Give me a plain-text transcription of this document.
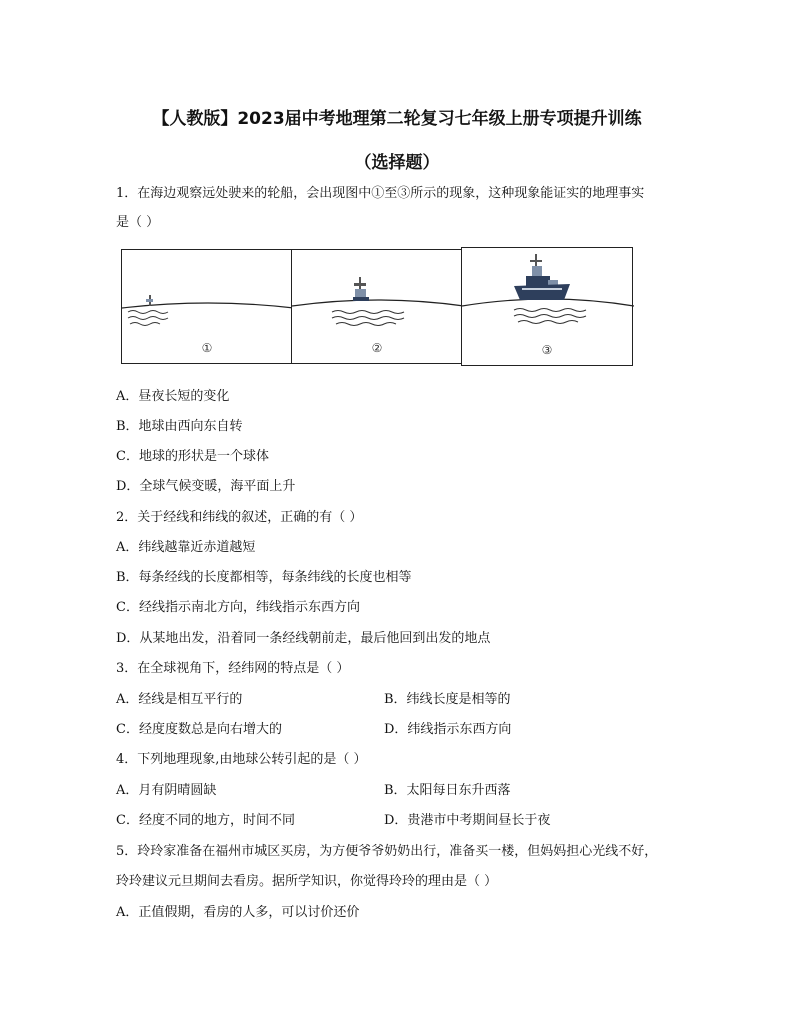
【人教版】2023届中考地理第二轮复习七年级上册专项提升训练
（选择题）
1．在海边观察远处驶来的轮船，会出现图中①至③所示的现象，这种现象能证实的地理事实
是（ ）
①	②	③
A．昼夜长短的变化
B．地球由西向东自转
C．地球的形状是一个球体
D．全球气候变暖，海平面上升
2．关于经线和纬线的叙述，正确的有（ ）
A．纬线越靠近赤道越短
B．每条经线的长度都相等，每条纬线的长度也相等
C．经线指示南北方向，纬线指示东西方向
D．从某地出发，沿着同一条经线朝前走，最后他回到出发的地点
3．在全球视角下，经纬网的特点是（ ）
A．经线是相互平行的	B．纬线长度是相等的
C．经度度数总是向右增大的	D．纬线指示东西方向
4．下列地理现象,由地球公转引起的是（ ）
A．月有阴晴圆缺	B．太阳每日东升西落
C．经度不同的地方，时间不同	D．贵港市中考期间昼长于夜
5．玲玲家准备在福州市城区买房，为方便爷爷奶奶出行，准备买一楼，但妈妈担心光线不好，
玲玲建议元旦期间去看房。据所学知识，你觉得玲玲的理由是（ ）
A．正值假期，看房的人多，可以讨价还价
